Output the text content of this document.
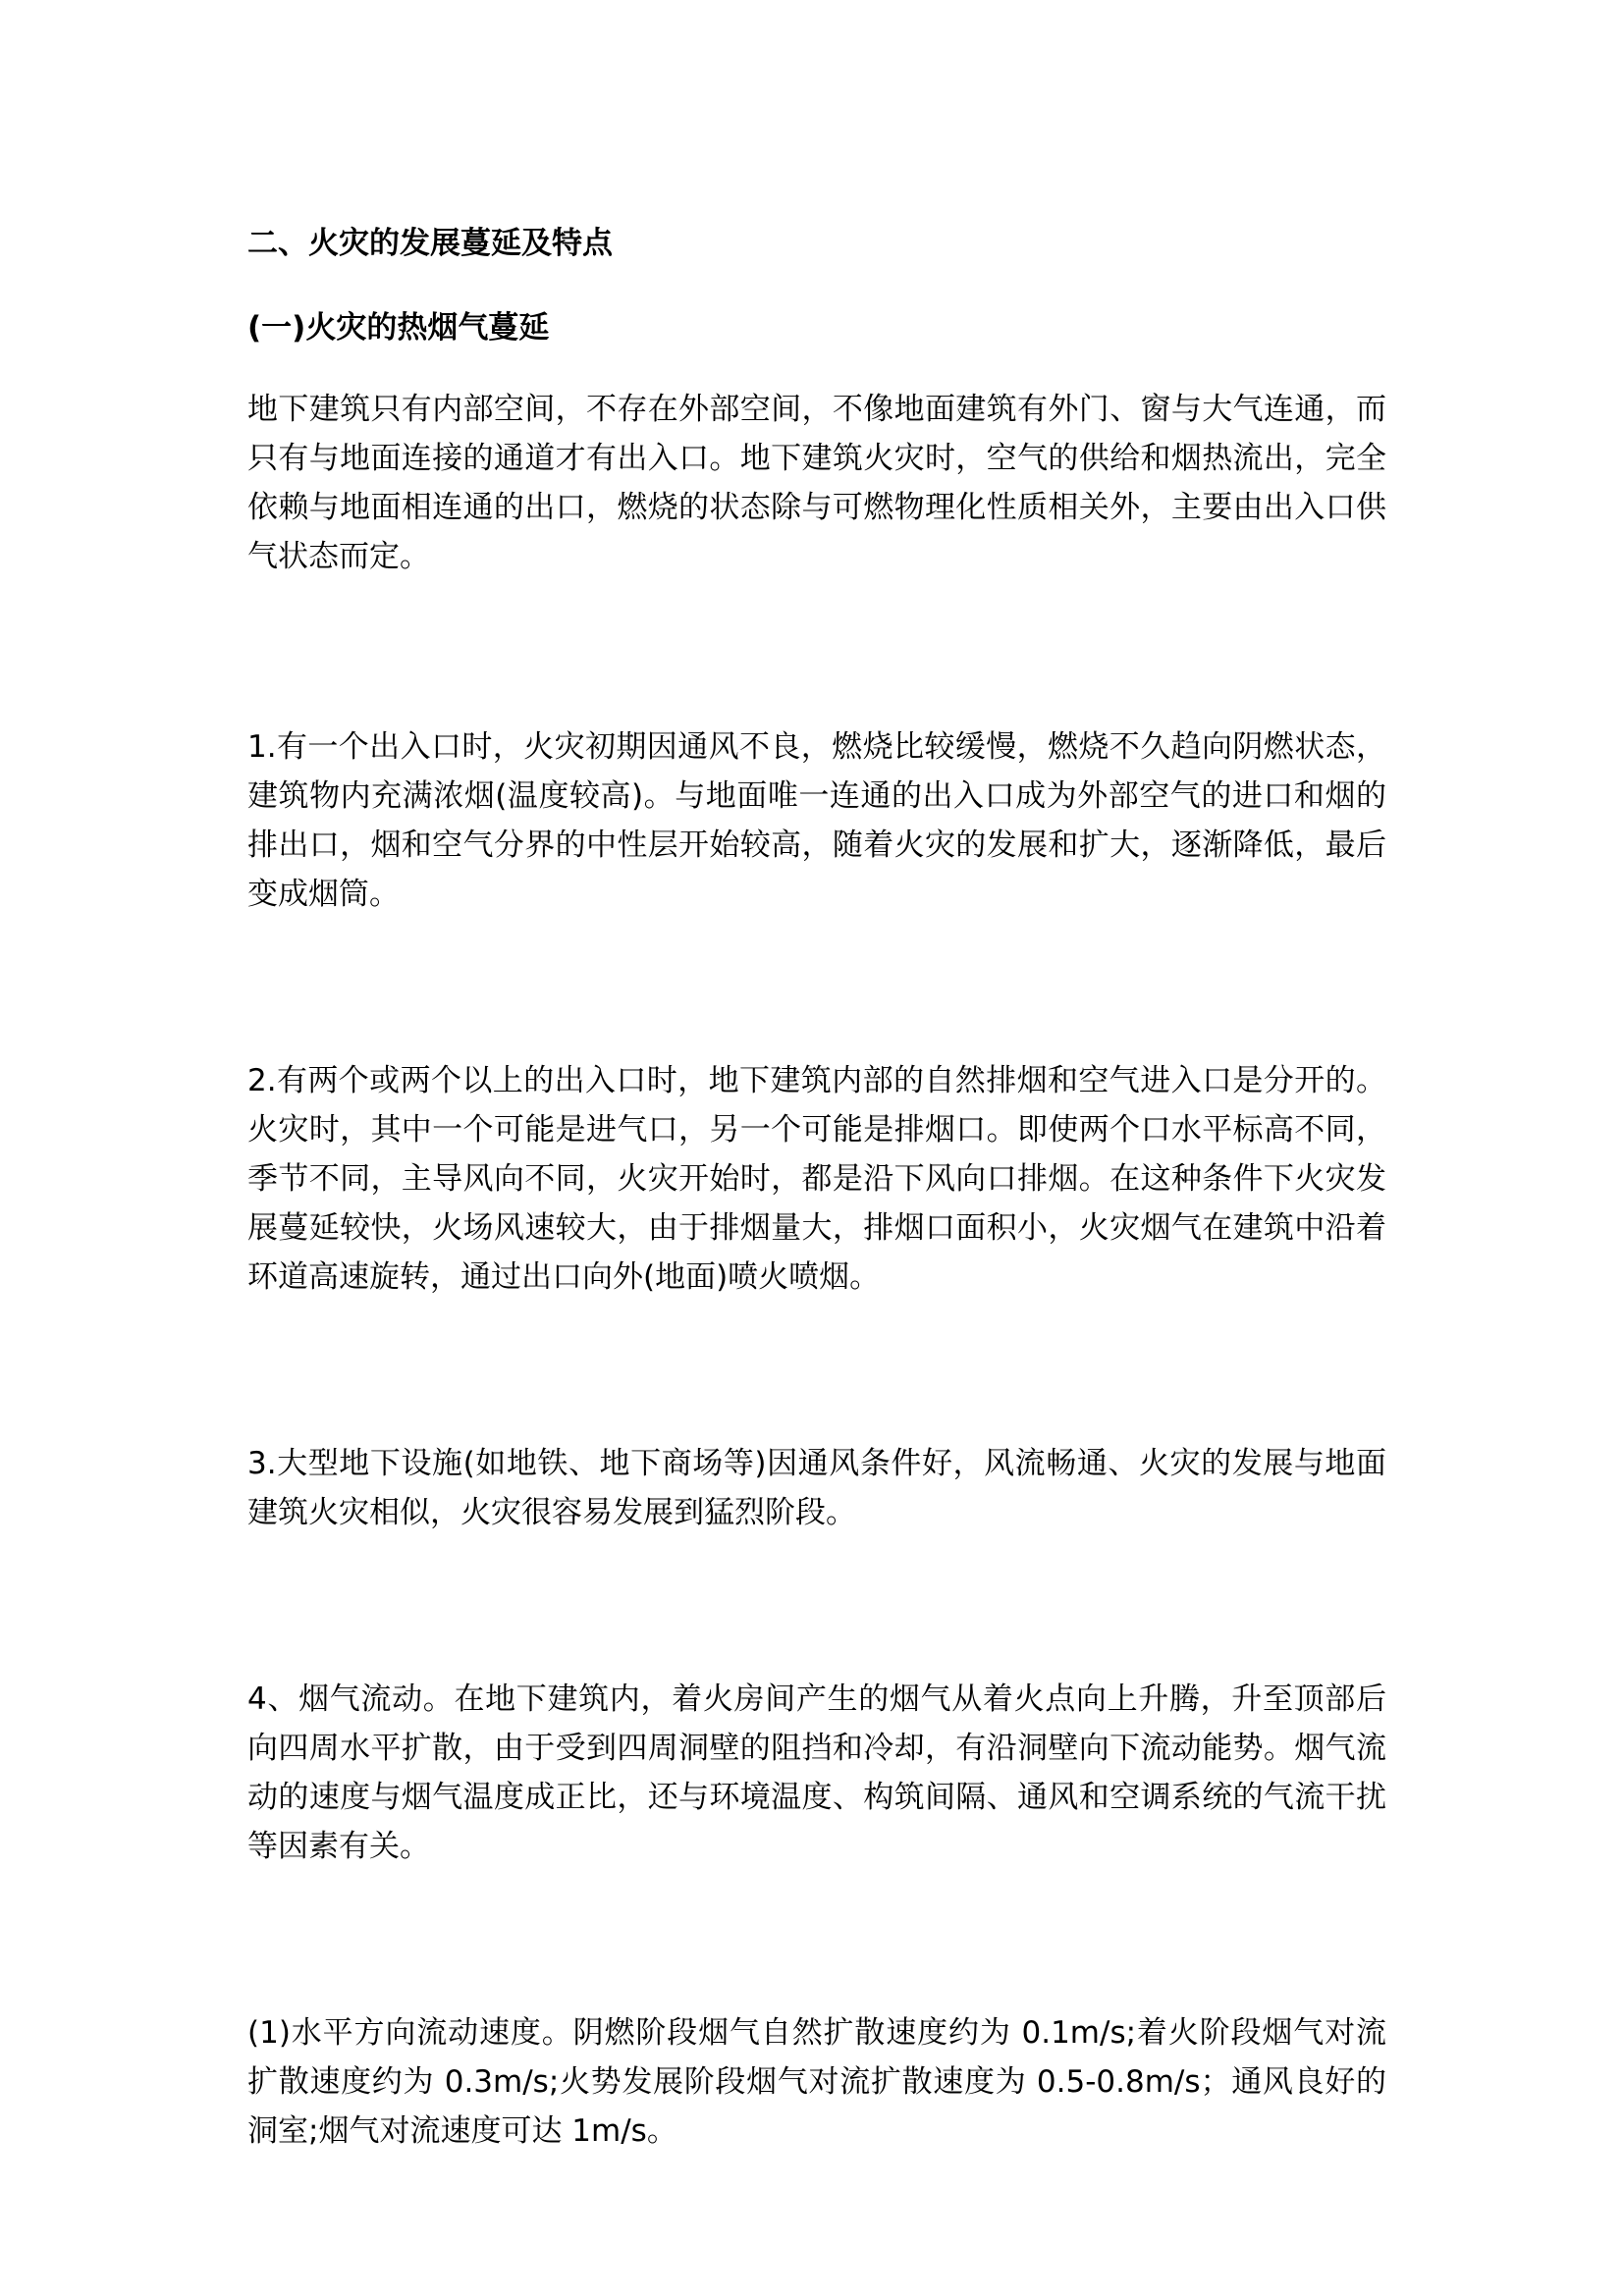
二、火灾的发展蔓延及特点
(一)火灾的热烟气蔓延

地下建筑只有内部空间，不存在外部空间，不像地面建筑有外门、窗与大气连通，而只有与地面连接的通道才有出入口。地下建筑火灾时，空气的供给和烟热流出，完全依赖与地面相连通的出口，燃烧的状态除与可燃物理化性质相关外，主要由出入口供气状态而定。

1.有一个出入口时，火灾初期因通风不良，燃烧比较缓慢，燃烧不久趋向阴燃状态，建筑物内充满浓烟(温度较高)。与地面唯一连通的出入口成为外部空气的进口和烟的排出口，烟和空气分界的中性层开始较高，随着火灾的发展和扩大，逐渐降低，最后变成烟筒。

2.有两个或两个以上的出入口时，地下建筑内部的自然排烟和空气进入口是分开的。火灾时，其中一个可能是进气口，另一个可能是排烟口。即使两个口水平标高不同，季节不同，主导风向不同，火灾开始时，都是沿下风向口排烟。在这种条件下火灾发展蔓延较快，火场风速较大，由于排烟量大，排烟口面积小，火灾烟气在建筑中沿着环道高速旋转，通过出口向外(地面)喷火喷烟。

3.大型地下设施(如地铁、地下商场等)因通风条件好，风流畅通、火灾的发展与地面建筑火灾相似，火灾很容易发展到猛烈阶段。

4、烟气流动。在地下建筑内，着火房间产生的烟气从着火点向上升腾，升至顶部后向四周水平扩散，由于受到四周洞壁的阻挡和冷却，有沿洞壁向下流动能势。烟气流动的速度与烟气温度成正比，还与环境温度、构筑间隔、通风和空调系统的气流干扰等因素有关。

(1)水平方向流动速度。阴燃阶段烟气自然扩散速度约为 0.1m/s;着火阶段烟气对流扩散速度约为 0.3m/s;火势发展阶段烟气对流扩散速度为 0.5-0.8m/s；通风良好的洞室;烟气对流速度可达 1m/s。
